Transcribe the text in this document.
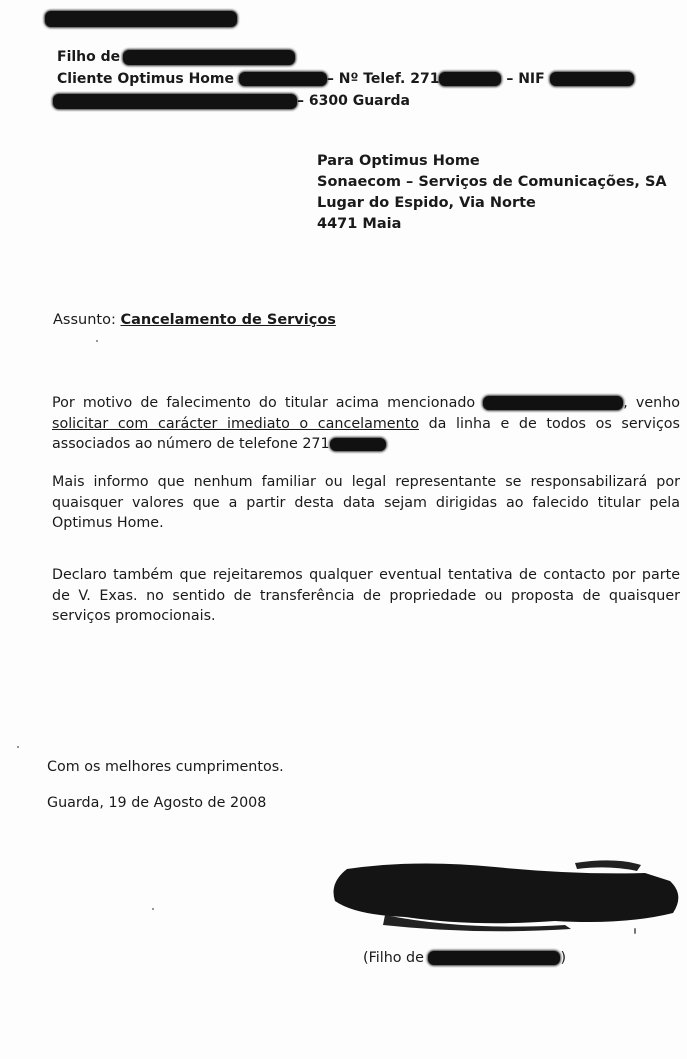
Filho de
Cliente Optimus Home	– Nº Telef. 271	– NIF
– 6300 Guarda
Para Optimus Home
Sonaecom – Serviços de Comunicações, SA
Lugar do Espido, Via Norte
4471 Maia
Assunto: Cancelamento de Serviços
Por motivo de falecimento do titular acima mencionado	, venho
solicitar com carácter imediato o cancelamento da linha e de todos os serviços
associados ao número de telefone 271
Mais informo que nenhum familiar ou legal representante se responsabilizará por
quaisquer valores que a partir desta data sejam dirigidas ao falecido titular pela
Optimus Home.
Declaro também que rejeitaremos qualquer eventual tentativa de contacto por parte
de V. Exas. no sentido de transferência de propriedade ou proposta de quaisquer
serviços promocionais.
Com os melhores cumprimentos.
Guarda, 19 de Agosto de 2008
(Filho de	)
